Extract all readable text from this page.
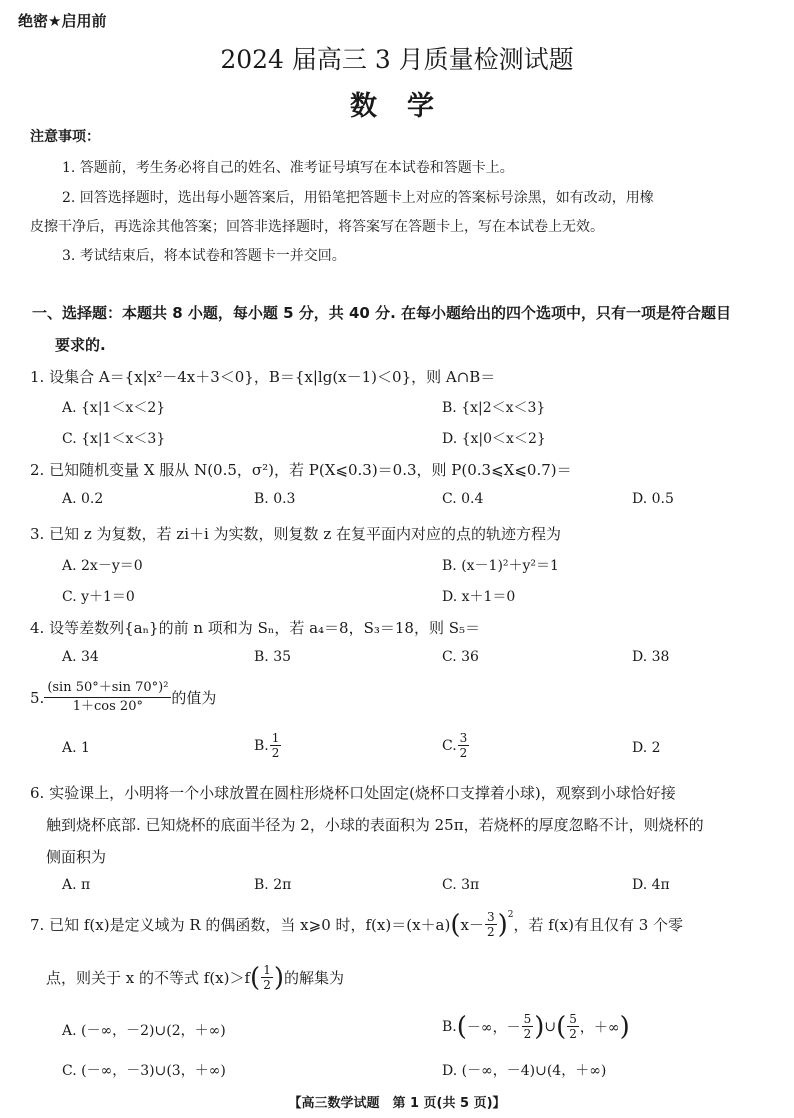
绝密★启用前
2024 届高三 3 月质量检测试题
数学
注意事项：
1. 答题前，考生务必将自己的姓名、准考证号填写在本试卷和答题卡上。
2. 回答选择题时，选出每小题答案后，用铅笔把答题卡上对应的答案标号涂黑，如有改动，用橡
皮擦干净后，再选涂其他答案；回答非选择题时，将答案写在答题卡上，写在本试卷上无效。
3. 考试结束后，将本试卷和答题卡一并交回。
一、选择题：本题共 8 小题，每小题 5 分，共 40 分. 在每小题给出的四个选项中，只有一项是符合题目
要求的.
1. 设集合 A＝{x|x²－4x＋3＜0}，B＝{x|lg(x－1)＜0}，则 A∩B＝
A. {x|1＜x＜2}	B. {x|2＜x＜3}
C. {x|1＜x＜3}	D. {x|0＜x＜2}
2. 已知随机变量 X 服从 N(0.5，σ²)，若 P(X⩽0.3)＝0.3，则 P(0.3⩽X⩽0.7)＝
A. 0.2	B. 0.3	C. 0.4	D. 0.5
3. 已知 z 为复数，若 zi＋i 为实数，则复数 z 在复平面内对应的点的轨迹方程为
A. 2x－y＝0	B. (x－1)²＋y²＝1
C. y＋1＝0	D. x＋1＝0
4. 设等差数列{aₙ}的前 n 项和为 Sₙ，若 a₄＝8，S₃＝18，则 S₅＝
A. 34	B. 35	C. 36	D. 38
5. $\frac{\text{(sin 50°＋sin 70°)²}}{1+\cos 20^\circ}$ 的值为
A. 1	B. $\frac{1}{2}$	C. $\frac{3}{2}$	D. 2
6. 实验课上，小明将一个小球放置在圆柱形烧杯口处固定(烧杯口支撑着小球)，观察到小球恰好接
触到烧杯底部. 已知烧杯的底面半径为 2，小球的表面积为 25π，若烧杯的厚度忽略不计，则烧杯的
侧面积为
A. π	B. 2π	C. 3π	D. 4π
7. 已知 f(x)是定义域为 R 的偶函数，当 x⩾0 时，f(x)＝(x＋a) ( $x- \frac{3}{2} )^2$
，若 f(x)有且仅有 3 个零
点，则关于 x 的不等式 f(x)＞f ( $\frac{1}{2}$ ) 的解集为
A. (－∞，－2)∪(2，＋∞)	B. ( －∞，－ $\frac{5}{2}$ ) ∪ ( $\frac{5}{2}$ ，＋∞ )
C. (－∞，－3)∪(3，＋∞)	D. (－∞，－4)∪(4，＋∞)
【高三数学试题　第 1 页(共 5 页)】
